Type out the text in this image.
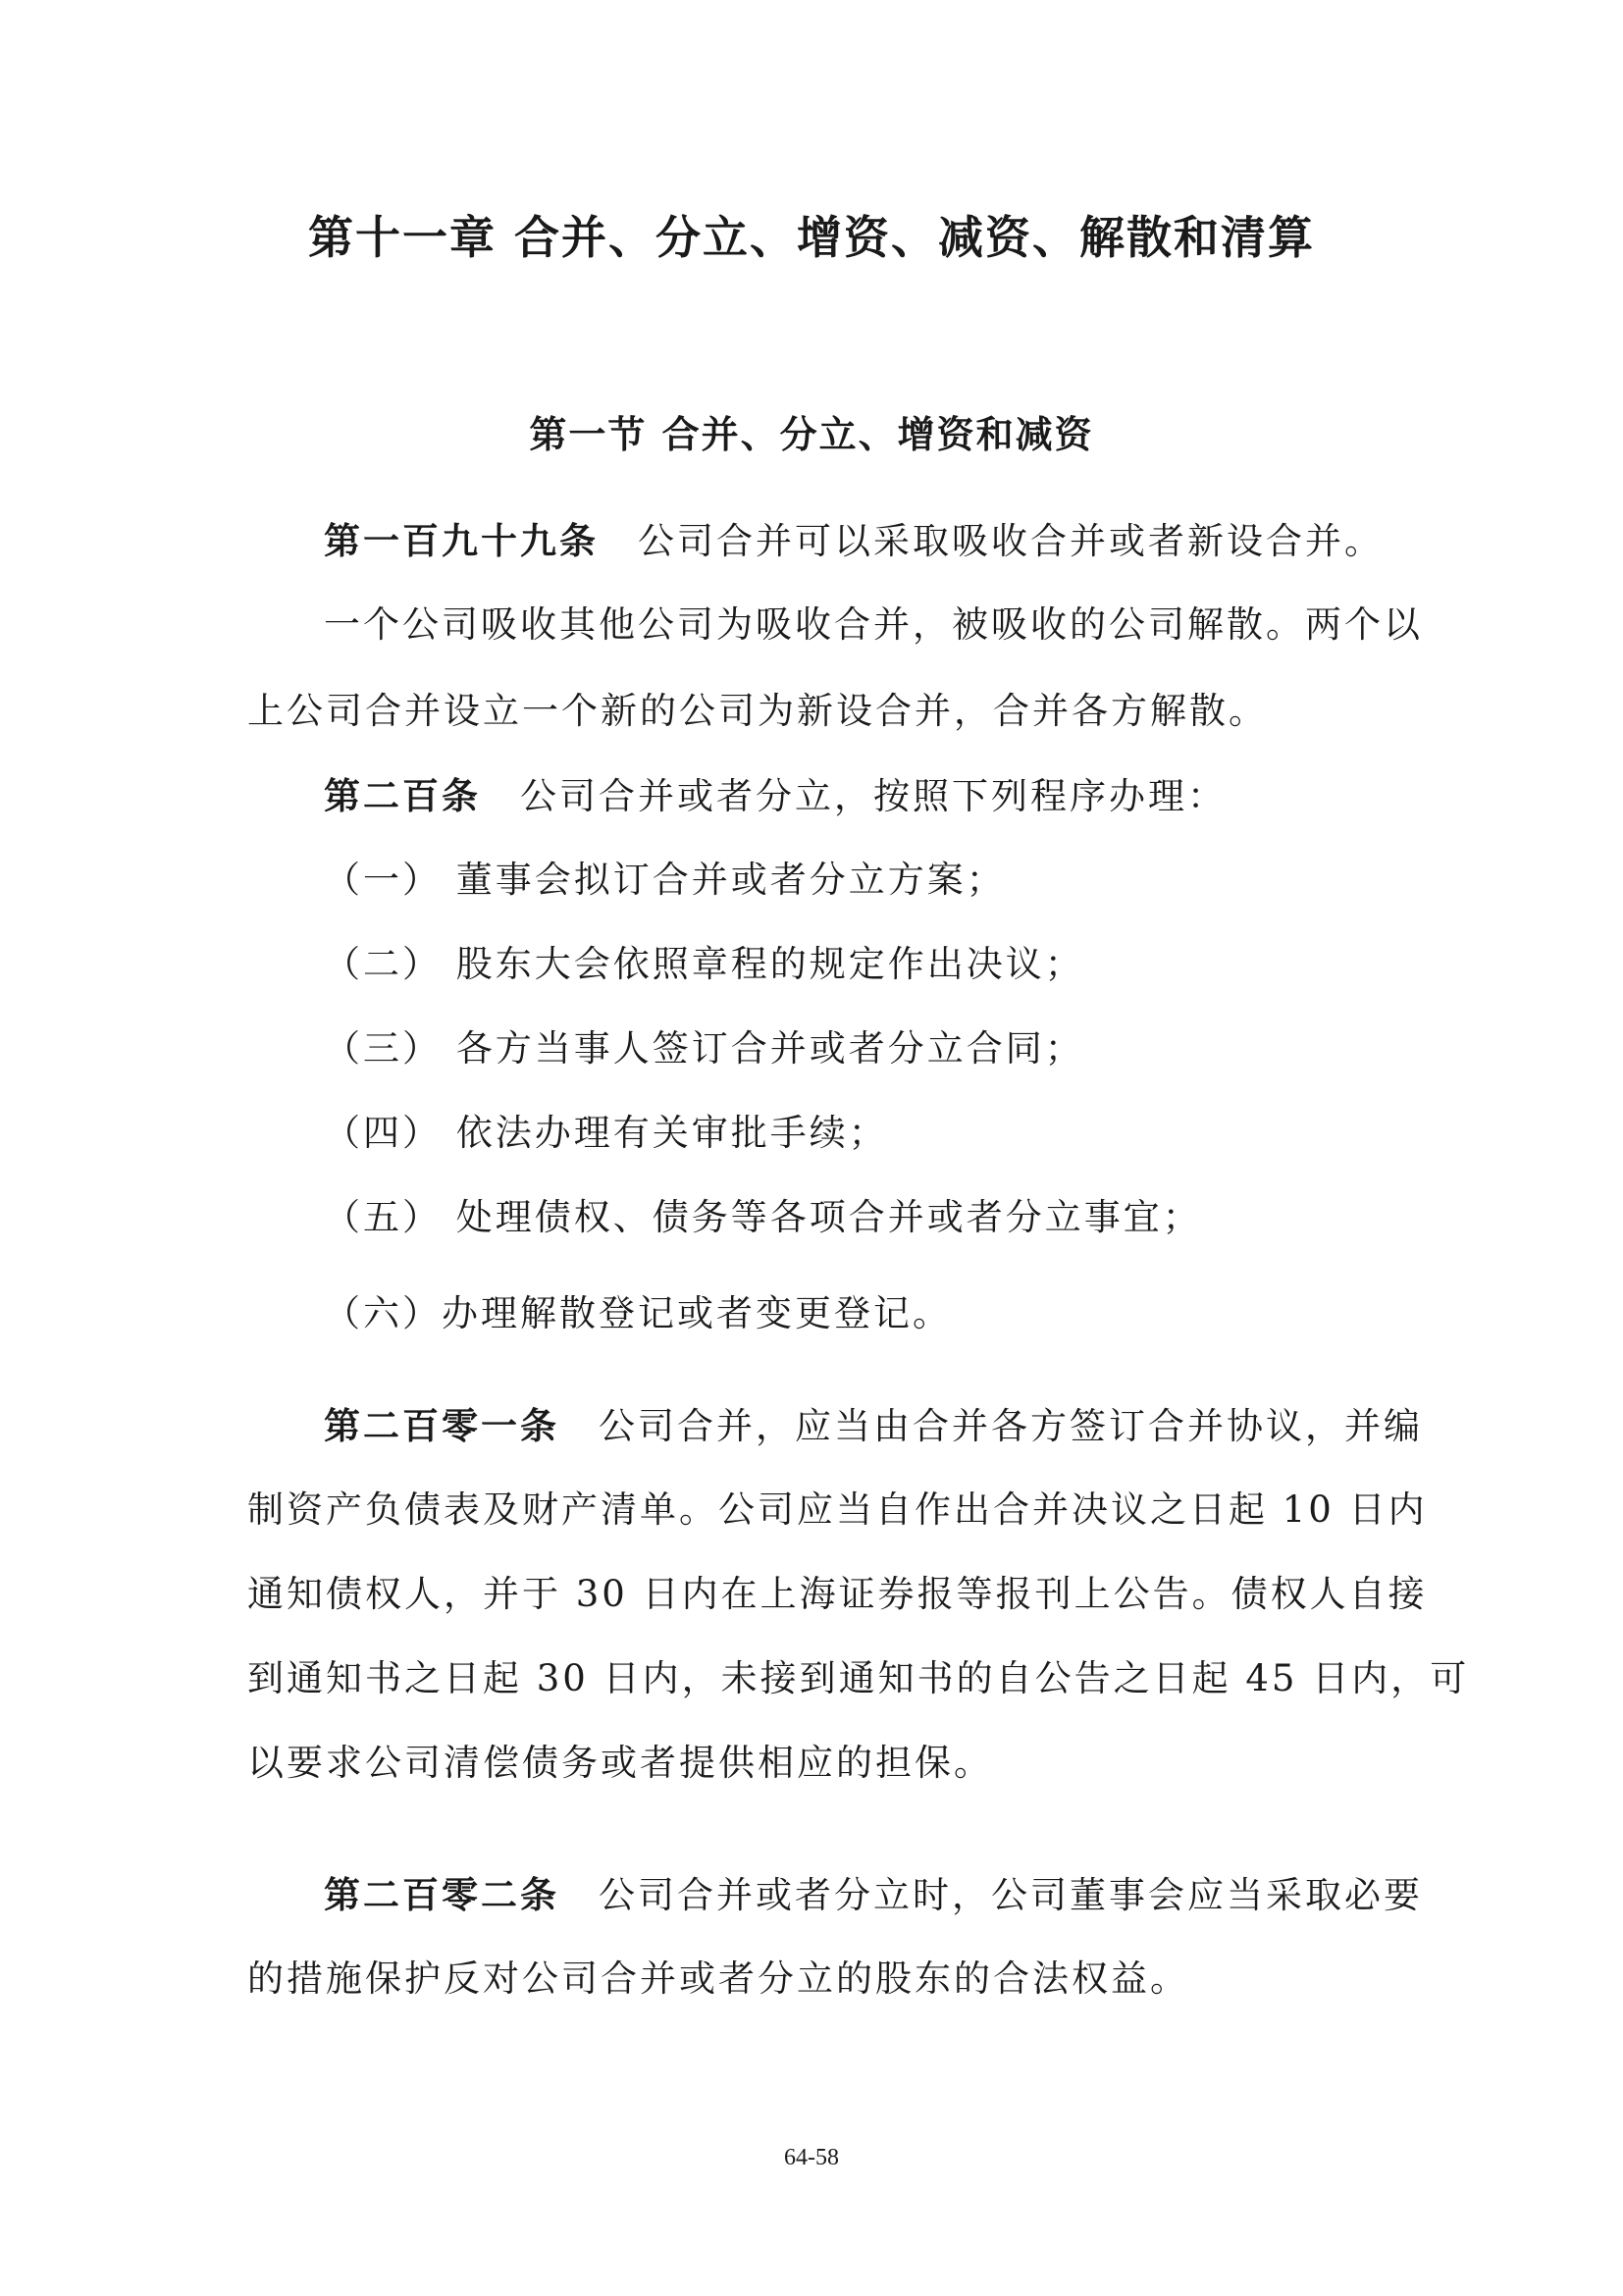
第十一章 合并、分立、增资、减资、解散和清算
第一节 合并、分立、增资和减资
第一百九十九条 公司合并可以采取吸收合并或者新设合并。
一个公司吸收其他公司为吸收合并，被吸收的公司解散。两个以
上公司合并设立一个新的公司为新设合并，合并各方解散。
第二百条 公司合并或者分立，按照下列程序办理：
（一） 董事会拟订合并或者分立方案；
（二） 股东大会依照章程的规定作出决议；
（三） 各方当事人签订合并或者分立合同；
（四） 依法办理有关审批手续；
（五） 处理债权、债务等各项合并或者分立事宜；
（六）办理解散登记或者变更登记。
第二百零一条 公司合并，应当由合并各方签订合并协议，并编
制资产负债表及财产清单。公司应当自作出合并决议之日起 10 日内
通知债权人，并于 30 日内在上海证券报等报刊上公告。债权人自接
到通知书之日起 30 日内，未接到通知书的自公告之日起 45 日内，可
以要求公司清偿债务或者提供相应的担保。
第二百零二条 公司合并或者分立时，公司董事会应当采取必要
的措施保护反对公司合并或者分立的股东的合法权益。
64-58
